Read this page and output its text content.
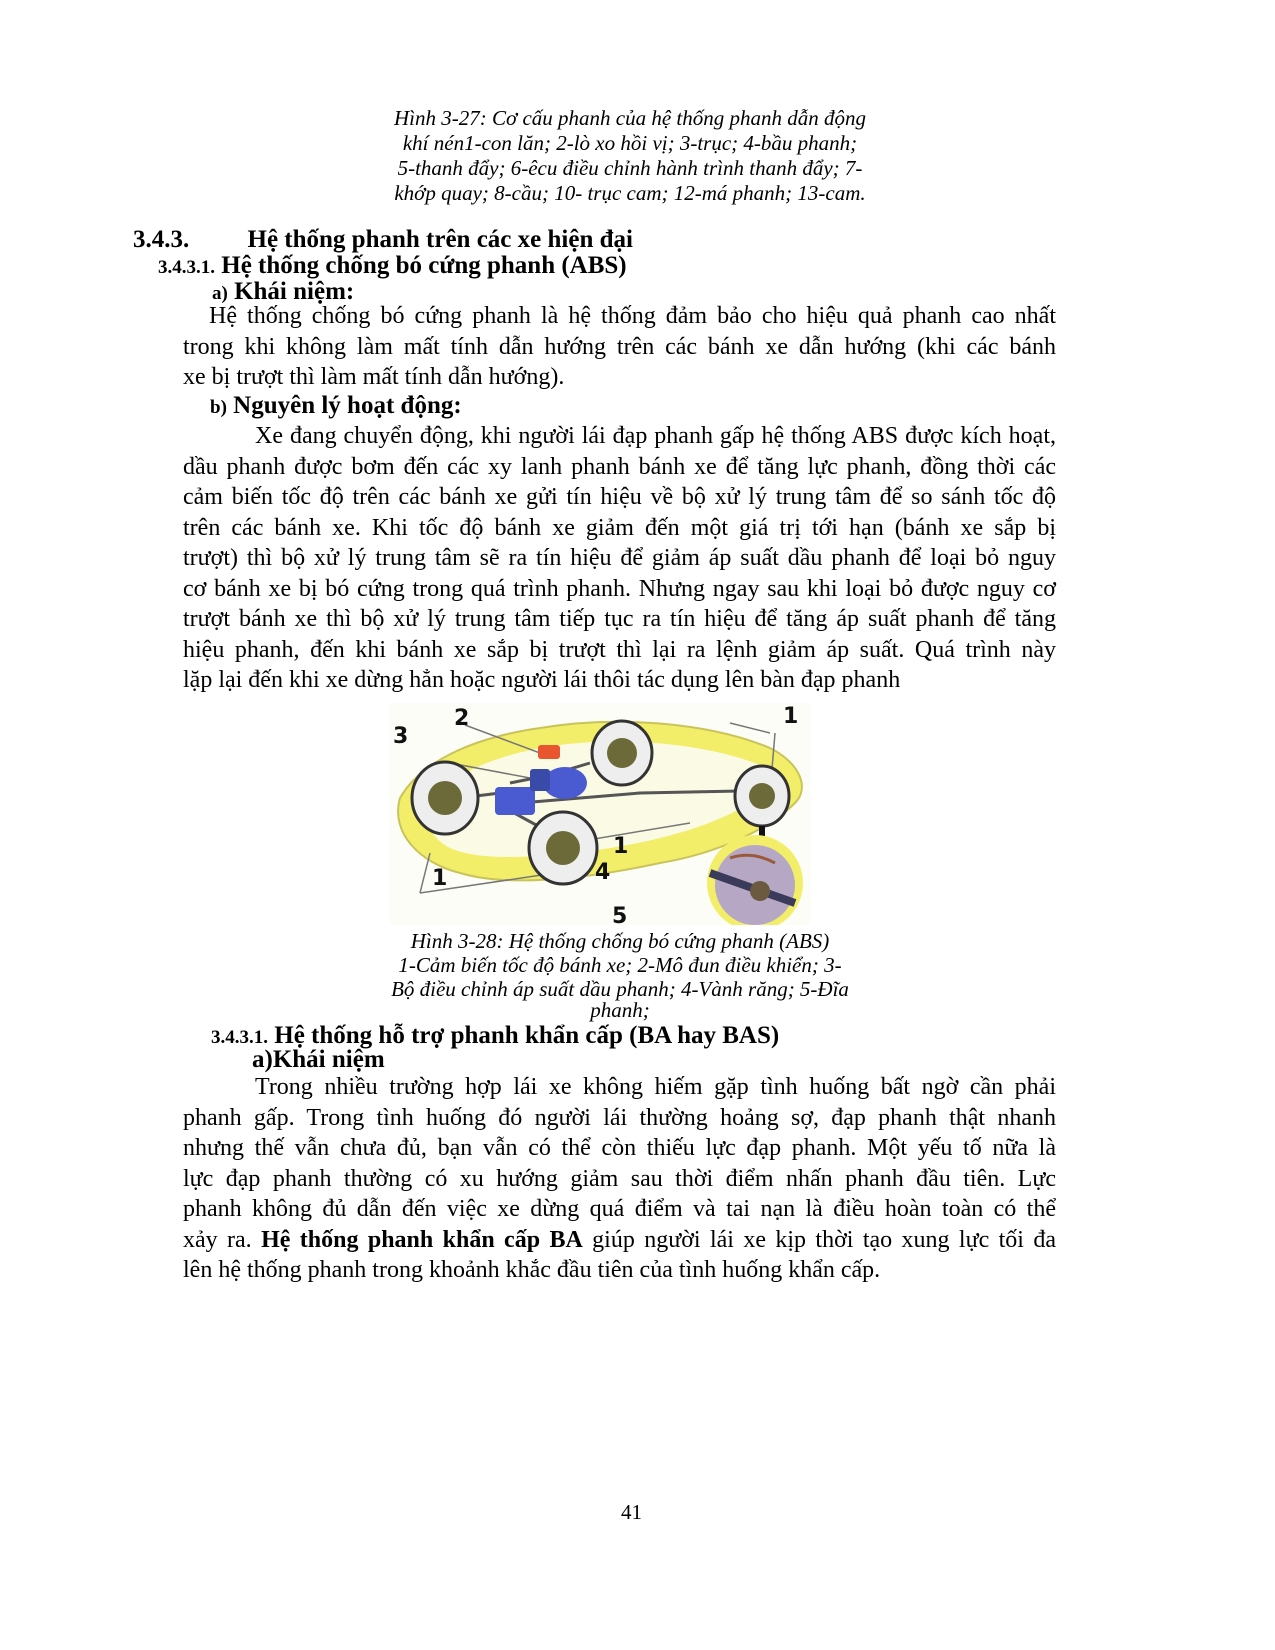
Hình 3-27: Cơ cấu phanh của hệ thống phanh dẫn động
khí nén1-con lăn; 2-lò xo hồi vị; 3-trục; 4-bầu phanh;
5-thanh đẩy; 6-êcu điều chỉnh hành trình thanh đẩy; 7-
khớp quay; 8-cầu; 10- trục cam; 12-má phanh; 13-cam.
3.4.3. Hệ thống phanh trên các xe hiện đại
3.4.3.1. Hệ thống chống bó cứng phanh (ABS)
a) Khái niệm:
Hệ thống chống bó cứng phanh là hệ thống đảm bảo cho hiệu quả phanh cao nhất
trong khi không làm mất tính dẫn hướng trên các bánh xe dẫn hướng (khi các bánh
xe bị trượt thì làm mất tính dẫn hướng).
b) Nguyên lý hoạt động:
Xe đang chuyển động, khi người lái đạp phanh gấp hệ thống ABS được kích hoạt,
dầu phanh được bơm đến các xy lanh phanh bánh xe để tăng lực phanh, đồng thời các
cảm biến tốc độ trên các bánh xe gửi tín hiệu về bộ xử lý trung tâm để so sánh tốc độ
trên các bánh xe. Khi tốc độ bánh xe giảm đến một giá trị tới hạn (bánh xe sắp bị
trượt) thì bộ xử lý trung tâm sẽ ra tín hiệu để giảm áp suất dầu phanh để loại bỏ nguy
cơ bánh xe bị bó cứng trong quá trình phanh. Nhưng ngay sau khi loại bỏ được nguy cơ
trượt bánh xe thì bộ xử lý trung tâm tiếp tục ra tín hiệu để tăng áp suất phanh để tăng
hiệu phanh, đến khi bánh xe sắp bị trượt thì lại ra lệnh giảm áp suất. Quá trình này
lặp lại đến khi xe dừng hẳn hoặc người lái thôi tác dụng lên bàn đạp phanh
2	1
3
1
1	4
5
Hình 3-28: Hệ thống chống bó cứng phanh (ABS)
1-Cảm biến tốc độ bánh xe; 2-Mô đun điều khiển; 3-
Bộ điều chỉnh áp suất dầu phanh; 4-Vành răng; 5-Đĩa
phanh;
3.4.3.1. Hệ thống hỗ trợ phanh khẩn cấp (BA hay BAS)
a)Khái niệm
Trong nhiều trường hợp lái xe không hiếm gặp tình huống bất ngờ cần phải
phanh gấp. Trong tình huống đó người lái thường hoảng sợ, đạp phanh thật nhanh
nhưng thế vẫn chưa đủ, bạn vẫn có thể còn thiếu lực đạp phanh. Một yếu tố nữa là
lực đạp phanh thường có xu hướng giảm sau thời điểm nhấn phanh đầu tiên. Lực
phanh không đủ dẫn đến việc xe dừng quá điểm và tai nạn là điều hoàn toàn có thể
xảy ra. Hệ thống phanh khẩn cấp BA giúp người lái xe kịp thời tạo xung lực tối đa
lên hệ thống phanh trong khoảnh khắc đầu tiên của tình huống khẩn cấp.
41
